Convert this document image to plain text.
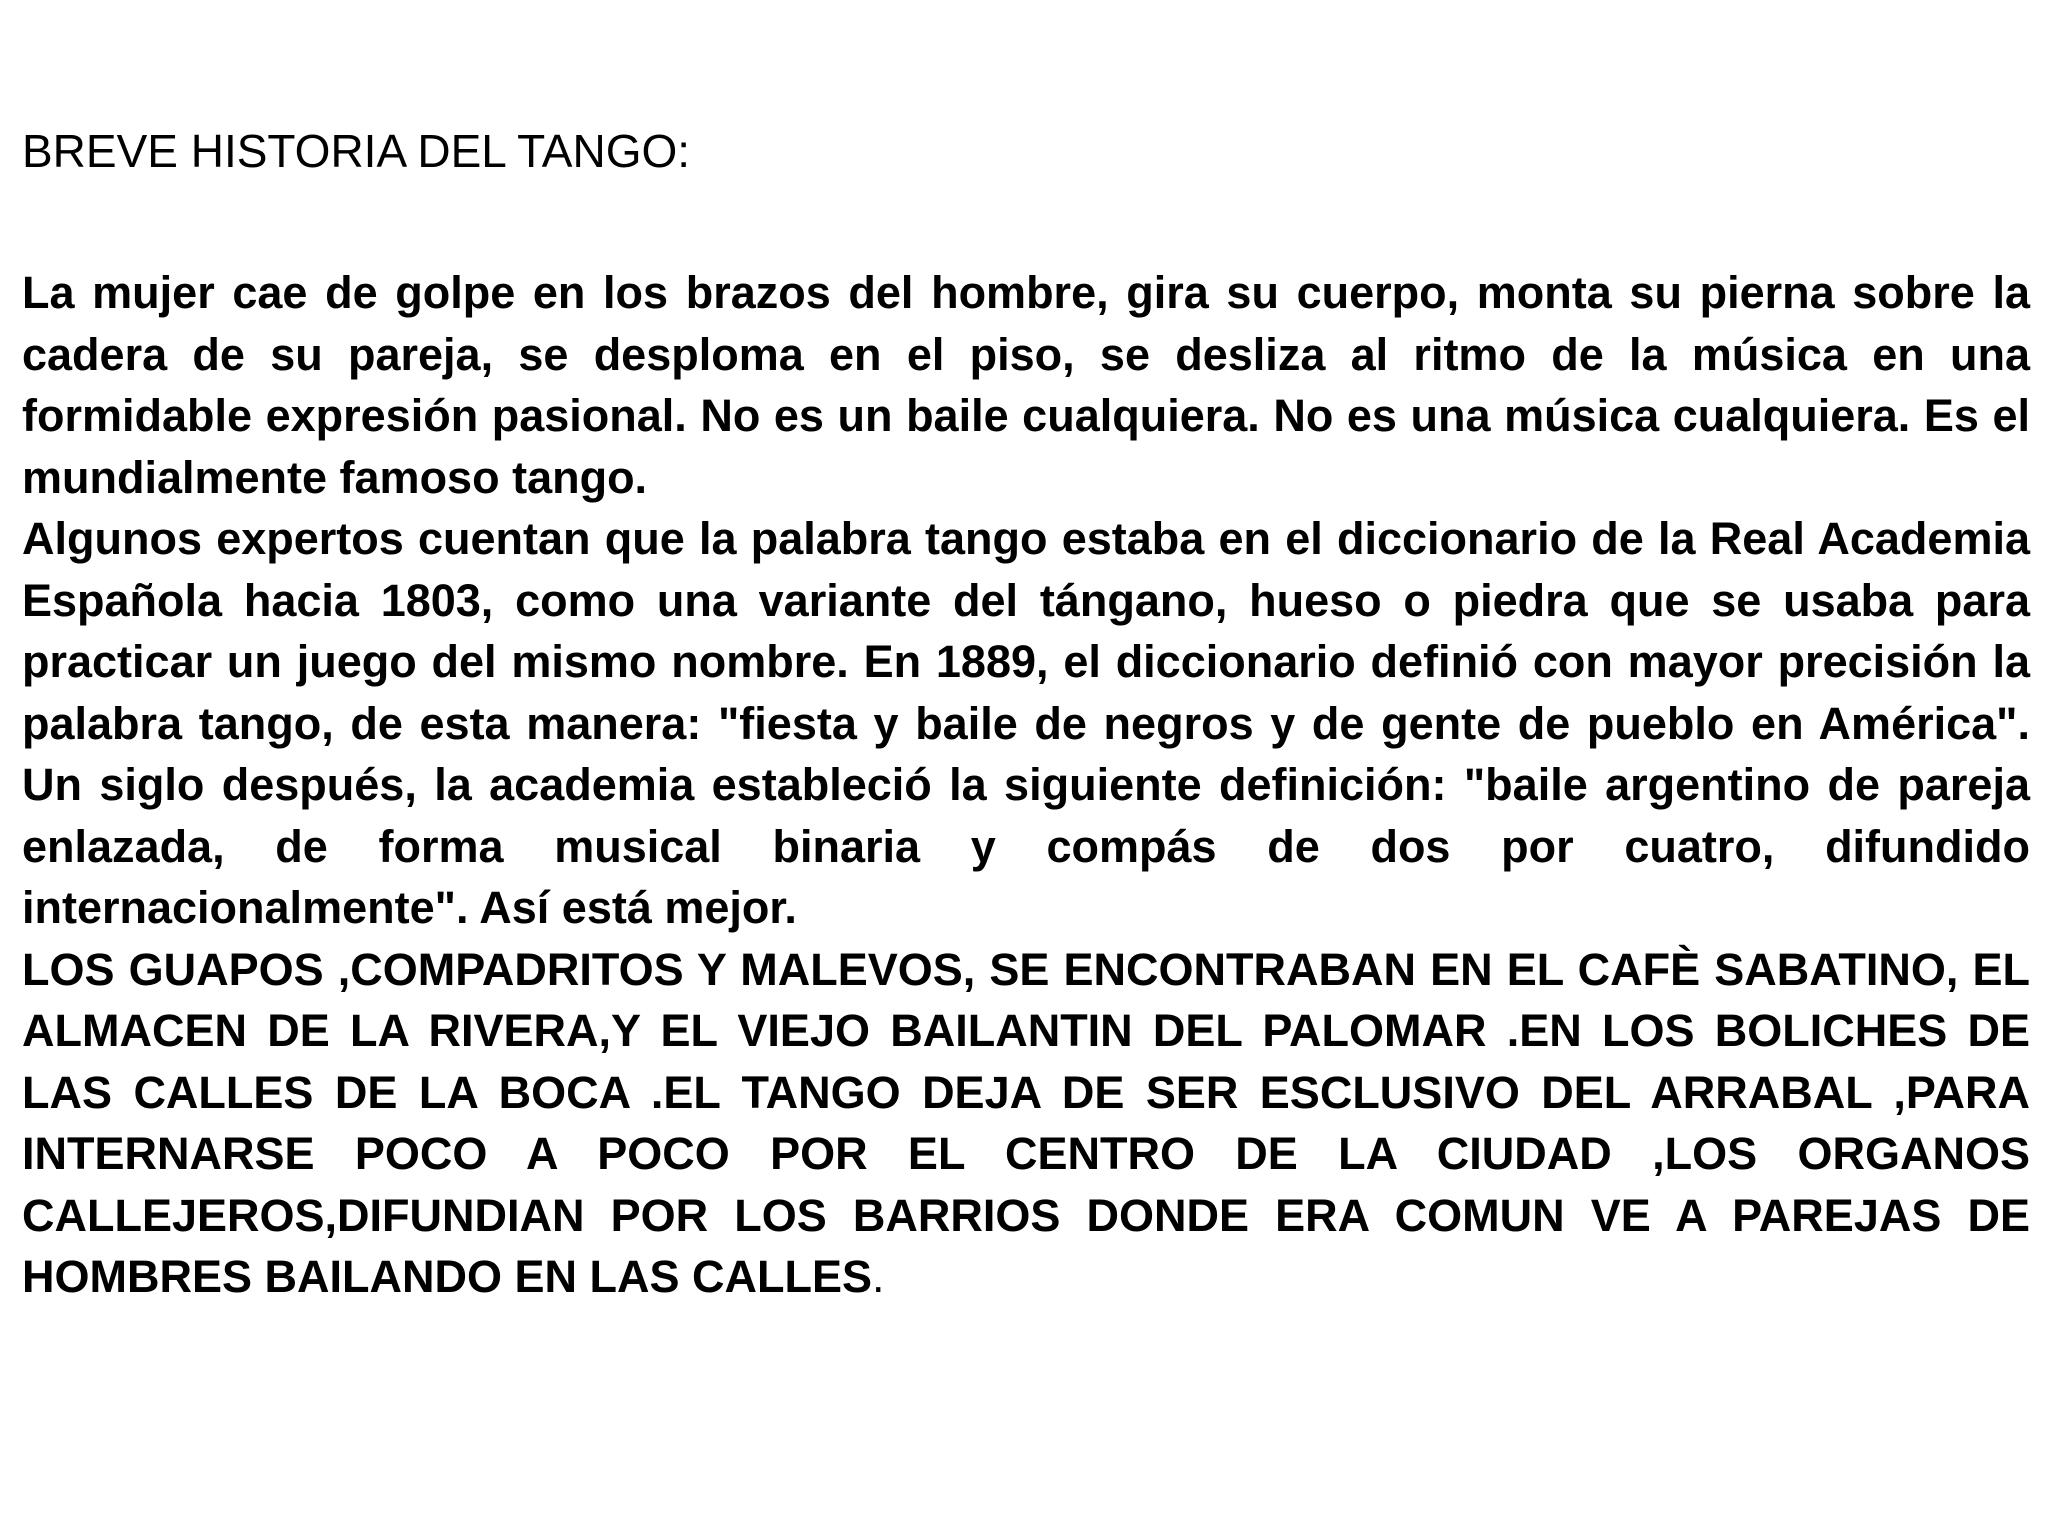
BREVE HISTORIA DEL TANGO:

La mujer cae de golpe en los brazos del hombre, gira su cuerpo, monta su pierna sobre la cadera de su pareja, se desploma en el piso, se desliza al ritmo de la música en una formidable expresión pasional. No es un baile cualquiera. No es una música cualquiera. Es el mundialmente famoso tango.

Algunos expertos cuentan que la palabra tango estaba en el diccionario de la Real Academia Española hacia 1803, como una variante del tángano, hueso o piedra que se usaba para practicar un juego del mismo nombre. En 1889, el diccionario definió con mayor precisión la palabra tango, de esta manera: "fiesta y baile de negros y de gente de pueblo en América". Un siglo después, la academia estableció la siguiente definición: "baile argentino de pareja enlazada, de forma musical binaria y compás de dos por cuatro, difundido internacionalmente". Así está mejor.

LOS GUAPOS ,COMPADRITOS Y MALEVOS, SE ENCONTRABAN EN EL CAFÈ SABATINO, EL ALMACEN DE LA RIVERA,Y EL VIEJO BAILANTIN DEL PALOMAR .EN LOS BOLICHES DE LAS CALLES DE LA BOCA .EL TANGO DEJA DE SER ESCLUSIVO DEL ARRABAL ,PARA INTERNARSE POCO A POCO POR EL CENTRO DE LA CIUDAD ,LOS ORGANOS CALLEJEROS,DIFUNDIAN POR LOS BARRIOS DONDE ERA COMUN VE A PAREJAS DE HOMBRES BAILANDO EN LAS CALLES.
